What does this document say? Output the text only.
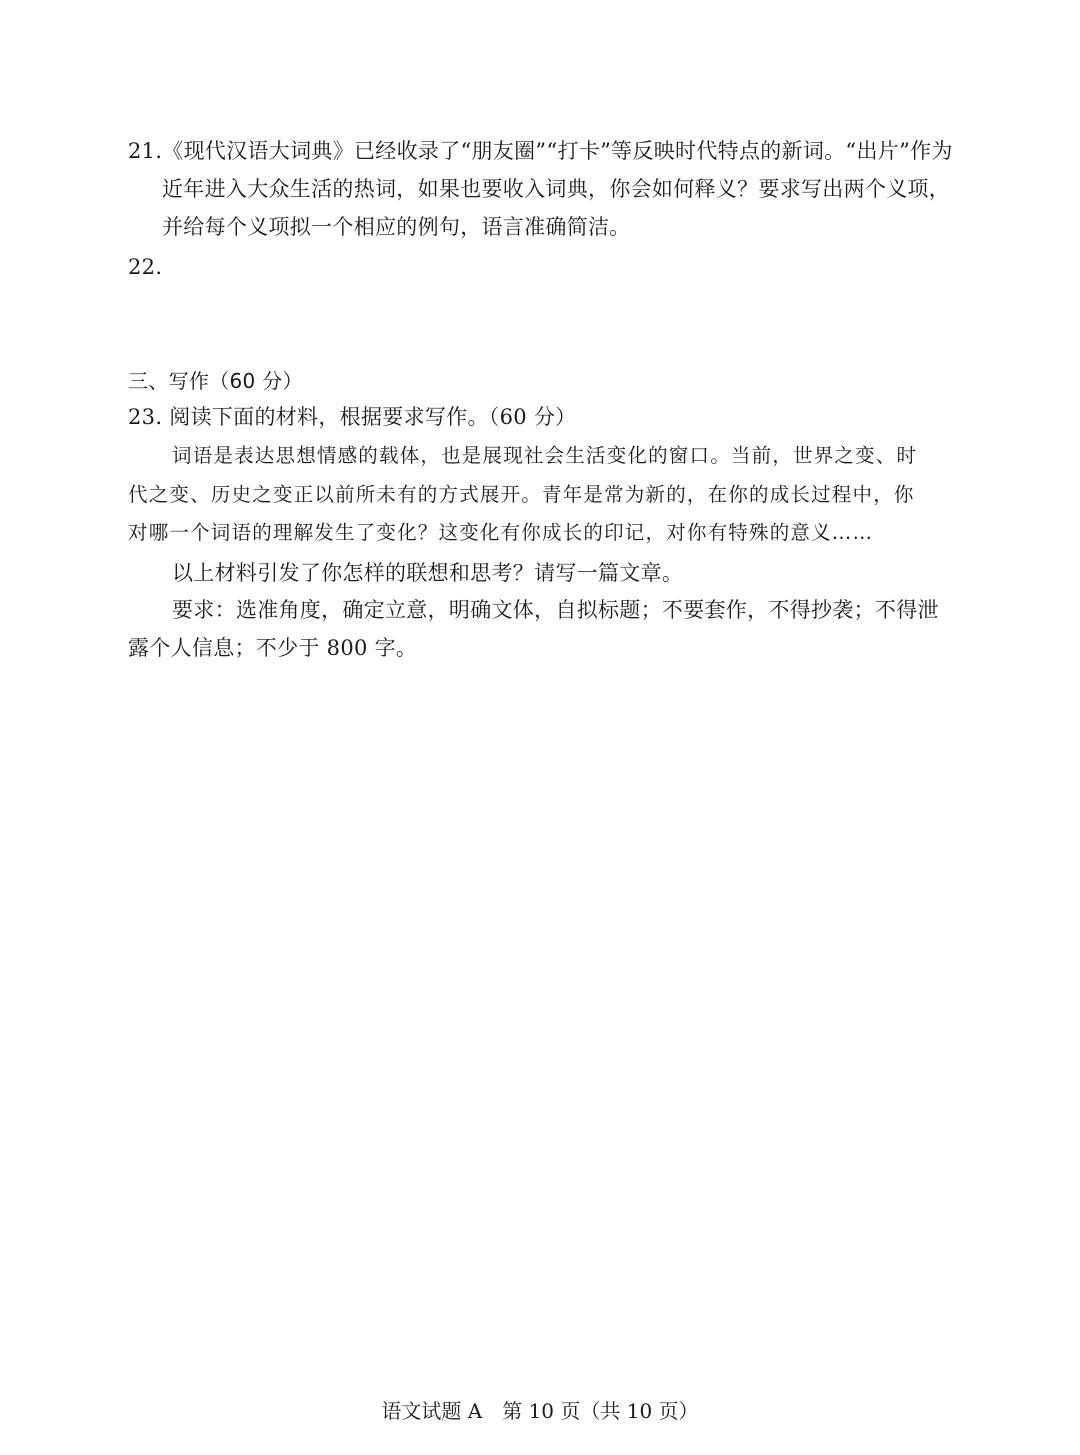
21.《现代汉语大词典》已经收录了“朋友圈”“打卡”等反映时代特点的新词。“出片”作为
近年进入大众生活的热词，如果也要收入词典，你会如何释义？要求写出两个义项，
并给每个义项拟一个相应的例句，语言准确简洁。
22.
三、写作（60 分）
23. 阅读下面的材料，根据要求写作。（60 分）
词语是表达思想情感的载体，也是展现社会生活变化的窗口。当前，世界之变、时
代之变、历史之变正以前所未有的方式展开。青年是常为新的，在你的成长过程中，你
对哪一个词语的理解发生了变化？这变化有你成长的印记，对你有特殊的意义……
以上材料引发了你怎样的联想和思考？请写一篇文章。
要求：选准角度，确定立意，明确文体，自拟标题；不要套作，不得抄袭；不得泄
露个人信息；不少于 800 字。
语文试题 A　第 10 页（共 10 页）
